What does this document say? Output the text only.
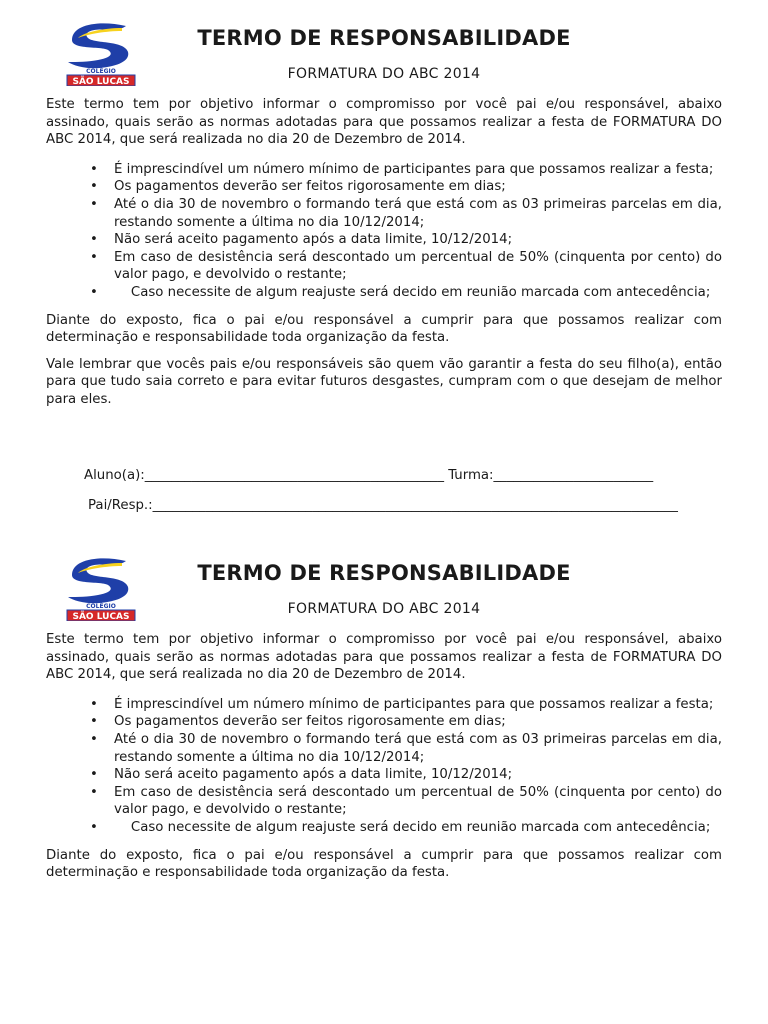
COLÉGIO
SÃO LUCAS
TERMO DE RESPONSABILIDADE
FORMATURA DO ABC 2014

Este termo tem por objetivo informar o compromisso por você pai e/ou responsável, abaixo assinado, quais serão as normas adotadas para que possamos realizar a festa de FORMATURA DO ABC 2014, que será realizada no dia 20 de Dezembro de 2014.

• É imprescindível um número mínimo de participantes para que possamos realizar a festa;
• Os pagamentos deverão ser feitos rigorosamente em dias;
• Até o dia 30 de novembro o formando terá que está com as 03 primeiras parcelas em dia, restando somente a última no dia 10/12/2014;
• Não será aceito pagamento após a data limite, 10/12/2014;
• Em caso de desistência será descontado um percentual de 50% (cinquenta por cento) do valor pago, e devolvido o restante;
• Caso necessite de algum reajuste será decido em reunião marcada com antecedência;

Diante do exposto, fica o pai e/ou responsável a cumprir para que possamos realizar com determinação e responsabilidade toda organização da festa.

Vale lembrar que vocês pais e/ou responsáveis são quem vão garantir a festa do seu filho(a), então para que tudo saia correto e para evitar futuros desgastes, cumpram com o que desejam de melhor para eles.

Aluno(a):_____________________________________________ Turma:________________________
Pai/Resp.:_______________________________________________________________________________
COLÉGIO
SÃO LUCAS
TERMO DE RESPONSABILIDADE
FORMATURA DO ABC 2014

Este termo tem por objetivo informar o compromisso por você pai e/ou responsável, abaixo assinado, quais serão as normas adotadas para que possamos realizar a festa de FORMATURA DO ABC 2014, que será realizada no dia 20 de Dezembro de 2014.

• É imprescindível um número mínimo de participantes para que possamos realizar a festa;
• Os pagamentos deverão ser feitos rigorosamente em dias;
• Até o dia 30 de novembro o formando terá que está com as 03 primeiras parcelas em dia, restando somente a última no dia 10/12/2014;
• Não será aceito pagamento após a data limite, 10/12/2014;
• Em caso de desistência será descontado um percentual de 50% (cinquenta por cento) do valor pago, e devolvido o restante;
• Caso necessite de algum reajuste será decido em reunião marcada com antecedência;

Diante do exposto, fica o pai e/ou responsável a cumprir para que possamos realizar com determinação e responsabilidade toda organização da festa.
